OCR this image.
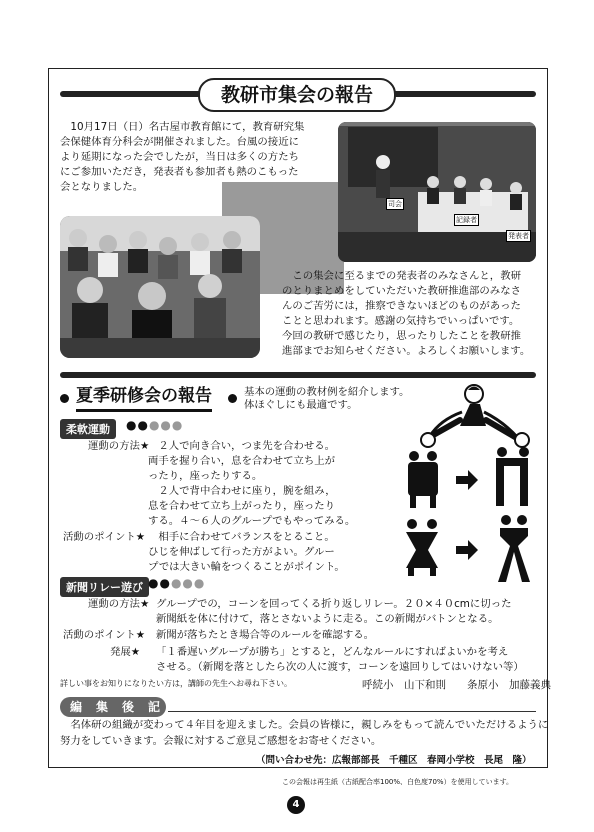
教研市集会の報告
　10月17日（日）名古屋市教育館にて，教育研究集
会保健体育分科会が開催されました。台風の接近に
より延期になった会でしたが，当日は多くの方たち
にご参加いただき，発表者も参加者も熱のこもった
会となりました。
司会
記録者
発表者
　この集会に至るまでの発表者のみなさんと，教研
のとりまとめをしていただいた教研推進部のみなさ
んのご苦労には，推察できないほどのものがあった
ことと思われます。感謝の気持ちでいっぱいです。
今回の教研で感じたり，思ったりしたことを教研推
進部までお知らせください。よろしくお願いします。
夏季研修会の報告	基本の運動の教材例を紹介します。
体ほぐしにも最適です。
柔軟運動	●●●●●
運動の方法★ 　２人で向き合い，つま先を合わせる。
両手を握り合い，息を合わせて立ち上が
ったり，座ったりする。
　２人で背中合わせに座り，腕を組み，
息を合わせて立ち上がったり，座ったり
する。４～６人のグループでもやってみる。
活動のポイント★	　相手に合わせてバランスをとること。
ひじを伸ばして行った方がよい。グルー
プでは大きい輪をつくることがポイント。
新聞リレー遊び ●●●●●
運動の方法★ グループでの，コーンを回ってくる折り返しリレー。２０×４０cmに切った
新聞紙を体に付けて，落とさないように走る。この新聞がバトンとなる。
活動のポイント★ 新聞が落ちたとき場合等のルールを確認する。
発展★ 「１番遅いグループが勝ち」とすると，どんなルールにすればよいかを考え
させる。（新聞を落としたら次の人に渡す，コーンを遠回りしてはいけない等）
詳しい事をお知りになりたい方は，講師の先生へお尋ね下さい。	呼続小　山下和則　　条原小　加藤義典
編 集 後 記
　名体研の組織が変わって４年目を迎えました。会員の皆様に，親しみをもって読んでいただけるように
努力をしていきます。会報に対するご意見ご感想をお寄せください。
（問い合わせ先：広報部部長　千種区　春岡小学校　長尾　隆）
この会報は再生紙（古紙配合率100%、白色度70%）を使用しています。
4
